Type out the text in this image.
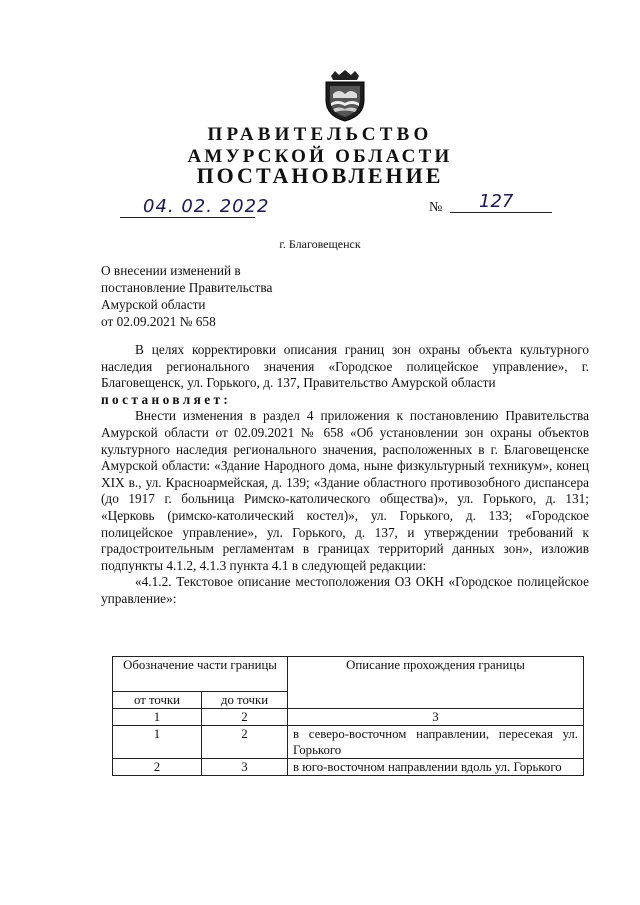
ПРАВИТЕЛЬСТВО
АМУРСКОЙ ОБЛАСТИ
ПОСТАНОВЛЕНИЕ
04. 02. 2022	№ 127
г. Благовещенск
О внесении изменений в
постановление Правительства
Амурской области
от 02.09.2021 № 658

В целях корректировки описания границ зон охраны объекта культурного наследия регионального значения «Городское полицейское управление», г. Благовещенск, ул. Горького, д. 137, Правительство Амурской области

постановляет:

Внести изменения в раздел 4 приложения к постановлению Правительства Амурской области от 02.09.2021 № 658 «Об установлении зон охраны объектов культурного наследия регионального значения, расположенных в г. Благовещенске Амурской области: «Здание Народного дома, ныне физкультурный техникум», конец XIX в., ул. Красноармейская, д. 139; «Здание областного противозобного диспансера (до 1917 г. больница Римско-католического общества)», ул. Горького, д. 131; «Церковь (римско-католический костел)», ул. Горького, д. 133; «Городское полицейское управление», ул. Горького, д. 137, и утверждении требований к градостроительным регламентам в границах территорий данных зон», изложив подпункты 4.1.2, 4.1.3 пункта 4.1 в следующей редакции:

«4.1.2. Текстовое описание местоположения ОЗ ОКН «Городское полицейское управление»:

Обозначение части границы		Описание прохождения границы
от точки	до точки	
1	2	3
1	2	в северо-восточном направлении, пересекая ул. Горького
2	3	в юго-восточном направлении вдоль ул. Горького
